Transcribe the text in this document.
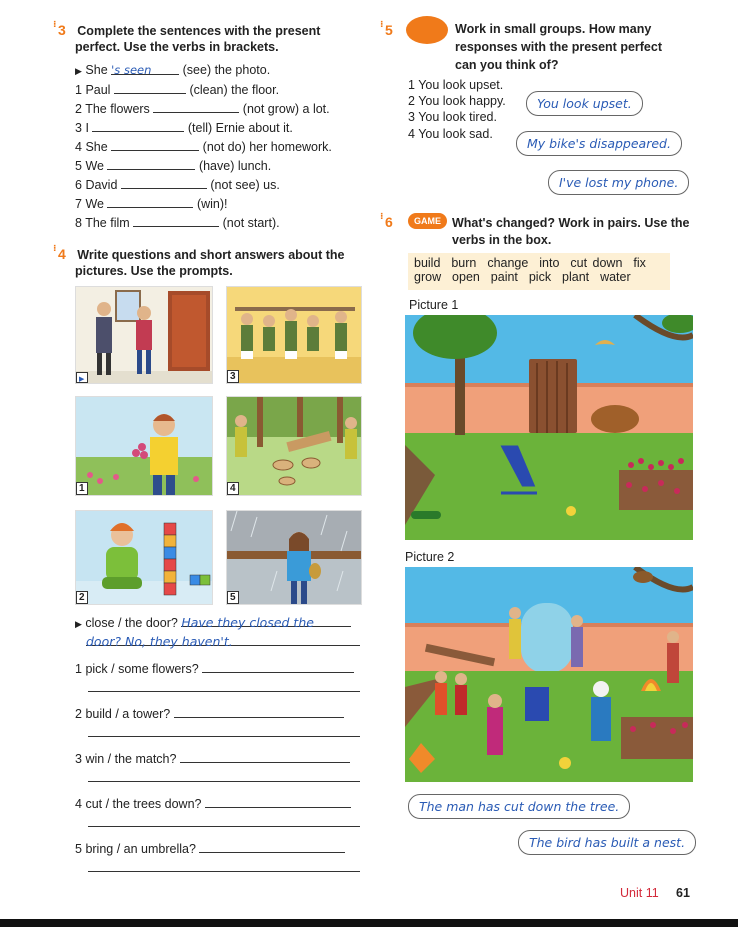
⁝ 3 Complete the sentences with the present
perfect. Use the verbs in brackets.
▶ She 's seen (see) the photo.
1 Paul	(clean) the floor.
2 The flowers	(not grow) a lot.
3 I	(tell) Ernie about it.
4 She	(not do) her homework.
5 We	(have) lunch.
6 David	(not see) us.
7 We	(win)!
8 The film	(not start).
⁝ 4 Write questions and short answers about the
pictures. Use the prompts.
▶	3
1	4
2	5
▶ close / the door? Have they closed the
door? No, they haven't.
1 pick / some flowers?
2 build / a tower?
3 win / the match?
4 cut / the trees down?
5 bring / an umbrella?
⁝ 5	Work in small groups. How many
responses with the present perfect
can you think of?
1 You look upset.
2 You look happy.
3 You look tired.
4 You look sad.
You look upset.
My bike's disappeared.
I've lost my phone.
⁝ 6	GAME What's changed? Work in pairs. Use the
verbs in the box.
build  burn  change  into  cut down  fix
grow  open  paint  pick  plant  water
Picture 1
Picture 2
The man has cut down the tree.
The bird has built a nest.
Unit 11 61
